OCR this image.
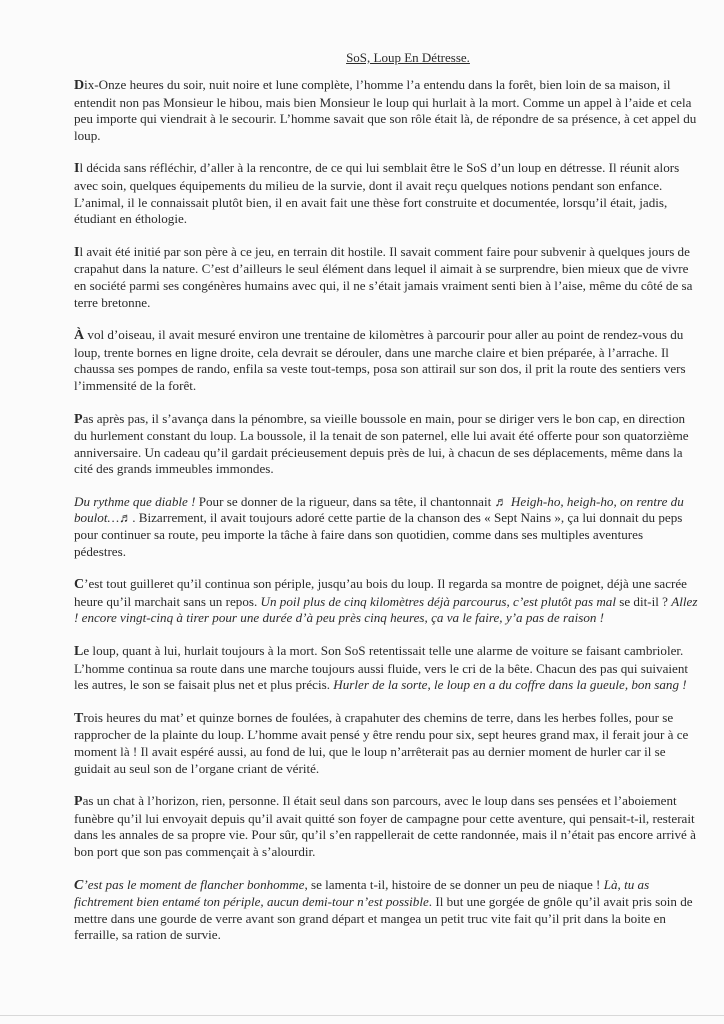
SoS, Loup En Détresse.

Dix-Onze heures du soir, nuit noire et lune complète, l’homme l’a entendu dans la forêt, bien loin de sa maison, il entendit non pas Monsieur le hibou, mais bien Monsieur le loup qui hurlait à la mort. Comme un appel à l’aide et cela peu importe qui viendrait à le secourir. L’homme savait que son rôle était là, de répondre de sa présence, à cet appel du loup.

Il décida sans réfléchir, d’aller à la rencontre, de ce qui lui semblait être le SoS d’un loup en détresse. Il réunit alors avec soin, quelques équipements du milieu de la survie, dont il avait reçu quelques notions pendant son enfance. L’animal, il le connaissait plutôt bien, il en avait fait une thèse fort construite et documentée, lorsqu’il était, jadis, étudiant en éthologie.

Il avait été initié par son père à ce jeu, en terrain dit hostile. Il savait comment faire pour subvenir à quelques jours de crapahut dans la nature. C’est d’ailleurs le seul élément dans lequel il aimait à se surprendre, bien mieux que de vivre en société parmi ses congénères humains avec qui, il ne s’était jamais vraiment senti bien à l’aise, même du côté de sa terre bretonne.

À vol d’oiseau, il avait mesuré environ une trentaine de kilomètres à parcourir pour aller au point de rendez-vous du loup, trente bornes en ligne droite, cela devrait se dérouler, dans une marche claire et bien préparée, à l’arrache. Il chaussa ses pompes de rando, enfila sa veste tout-temps, posa son attirail sur son dos, il prit la route des sentiers vers l’immensité de la forêt.

Pas après pas, il s’avança dans la pénombre, sa vieille boussole en main, pour se diriger vers le bon cap, en direction du hurlement constant du loup. La boussole, il la tenait de son paternel, elle lui avait été offerte pour son quatorzième anniversaire. Un cadeau qu’il gardait précieusement depuis près de lui, à chacun de ses déplacements, même dans la cité des grands immeubles immondes.

Du rythme que diable ! Pour se donner de la rigueur, dans sa tête, il chantonnait ♬ Heigh-ho, heigh-ho, on rentre du boulot…♬. Bizarrement, il avait toujours adoré cette partie de la chanson des « Sept Nains », ça lui donnait du peps pour continuer sa route, peu importe la tâche à faire dans son quotidien, comme dans ses multiples aventures pédestres.

C’est tout guilleret qu’il continua son périple, jusqu’au bois du loup. Il regarda sa montre de poignet, déjà une sacrée heure qu’il marchait sans un repos. Un poil plus de cinq kilomètres déjà parcourus, c’est plutôt pas mal se dit-il ? Allez ! encore vingt-cinq à tirer pour une durée d’à peu près cinq heures, ça va le faire, y’a pas de raison !

Le loup, quant à lui, hurlait toujours à la mort. Son SoS retentissait telle une alarme de voiture se faisant cambrioler. L’homme continua sa route dans une marche toujours aussi fluide, vers le cri de la bête. Chacun des pas qui suivaient les autres, le son se faisait plus net et plus précis. Hurler de la sorte, le loup en a du coffre dans la gueule, bon sang !

Trois heures du mat’ et quinze bornes de foulées, à crapahuter des chemins de terre, dans les herbes folles, pour se rapprocher de la plainte du loup. L’homme avait pensé y être rendu pour six, sept heures grand max, il ferait jour à ce moment là ! Il avait espéré aussi, au fond de lui, que le loup n’arrêterait pas au dernier moment de hurler car il se guidait au seul son de l’organe criant de vérité.

Pas un chat à l’horizon, rien, personne. Il était seul dans son parcours, avec le loup dans ses pensées et l’aboiement funèbre qu’il lui envoyait depuis qu’il avait quitté son foyer de campagne pour cette aventure, qui pensait-t-il, resterait dans les annales de sa propre vie. Pour sûr, qu’il s’en rappellerait de cette randonnée, mais il n’était pas encore arrivé à bon port que son pas commençait à s’alourdir.

C’est pas le moment de flancher bonhomme, se lamenta t-il, histoire de se donner un peu de niaque ! Là, tu as fichtrement bien entamé ton périple, aucun demi-tour n’est possible. Il but une gorgée de gnôle qu’il avait pris soin de mettre dans une gourde de verre avant son grand départ et mangea un petit truc vite fait qu’il prit dans la boite en ferraille, sa ration de survie.
